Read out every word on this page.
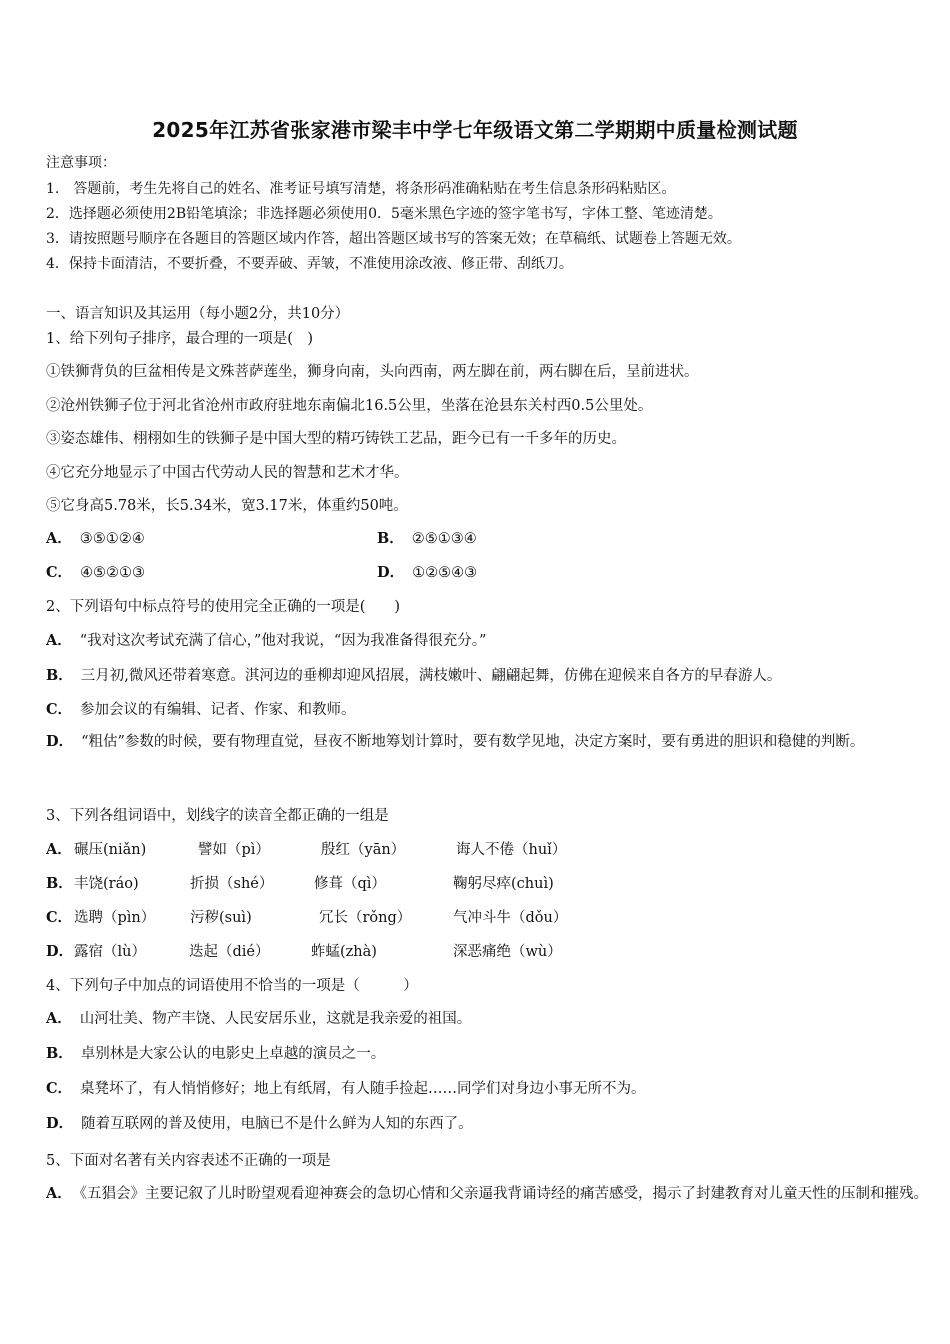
2025年江苏省张家港市梁丰中学七年级语文第二学期期中质量检测试题
注意事项：
1.　答题前，考生先将自己的姓名、准考证号填写清楚，将条形码准确粘贴在考生信息条形码粘贴区。
2．选择题必须使用2B铅笔填涂；非选择题必须使用0．5毫米黑色字迹的签字笔书写，字体工整、笔迹清楚。
3．请按照题号顺序在各题目的答题区域内作答，超出答题区域书写的答案无效；在草稿纸、试题卷上答题无效。
4．保持卡面清洁，不要折叠，不要弄破、弄皱，不准使用涂改液、修正带、刮纸刀。
一、语言知识及其运用（每小题2分，共10分）
1、给下列句子排序，最合理的一项是(　)
①铁狮背负的巨盆相传是文殊菩萨莲坐，狮身向南，头向西南，两左脚在前，两右脚在后，呈前进状。
②沧州铁狮子位于河北省沧州市政府驻地东南偏北16.5公里，坐落在沧县东关村西0.5公里处。
③姿态雄伟、栩栩如生的铁狮子是中国大型的精巧铸铁工艺品，距今已有一千多年的历史。
④它充分地显示了中国古代劳动人民的智慧和艺术才华。
⑤它身高5.78米，长5.34米，宽3.17米，体重约50吨。
A． ③⑤①②④	B． ②⑤①③④
C． ④⑤②①③	D． ①②⑤④③
2、下列语句中标点符号的使用完全正确的一项是(　　)
A． “我对这次考试充满了信心，”他对我说，“因为我准备得很充分。”
B． 三月初,微风还带着寒意。淇河边的垂柳却迎风招展，满枝嫩叶、翩翩起舞，仿佛在迎候来自各方的早春游人。
C． 参加会议的有编辑、记者、作家、和教师。
D． “粗估”参数的时候，要有物理直觉，昼夜不断地筹划计算时，要有数学见地，决定方案时，要有勇进的胆识和稳健的判断。
3、下列各组词语中，划线字的读音全都正确的一组是
A． 碾压(niǎn)	譬如（pì）	殷红（yān）	诲人不倦（huǐ）
B． 丰饶(ráo)	折损（shé）	修葺（qì）	鞠躬尽瘁(chuì)
C． 选聘（pìn） 污秽(suì)	冗长（rǒng）	气冲斗牛（dǒu）
D． 露宿（lù）	迭起（dié）	蚱蜢(zhà)	深恶痛绝（wù）
4、下列句子中加点的词语使用不恰当的一项是（　　　）
A． 山河壮美、物产丰饶、人民安居乐业，这就是我亲爱的祖国。
B． 卓别林是大家公认的电影史上卓越的演员之一。
C． 桌凳坏了，有人悄悄修好；地上有纸屑，有人随手捡起……同学们对身边小事无所不为。
D． 随着互联网的普及使用，电脑已不是什么鲜为人知的东西了。
5、下面对名著有关内容表述不正确的一项是
A． 《五猖会》主要记叙了儿时盼望观看迎神赛会的急切心情和父亲逼我背诵诗经的痛苦感受，揭示了封建教育对儿童天性的压制和摧残。
